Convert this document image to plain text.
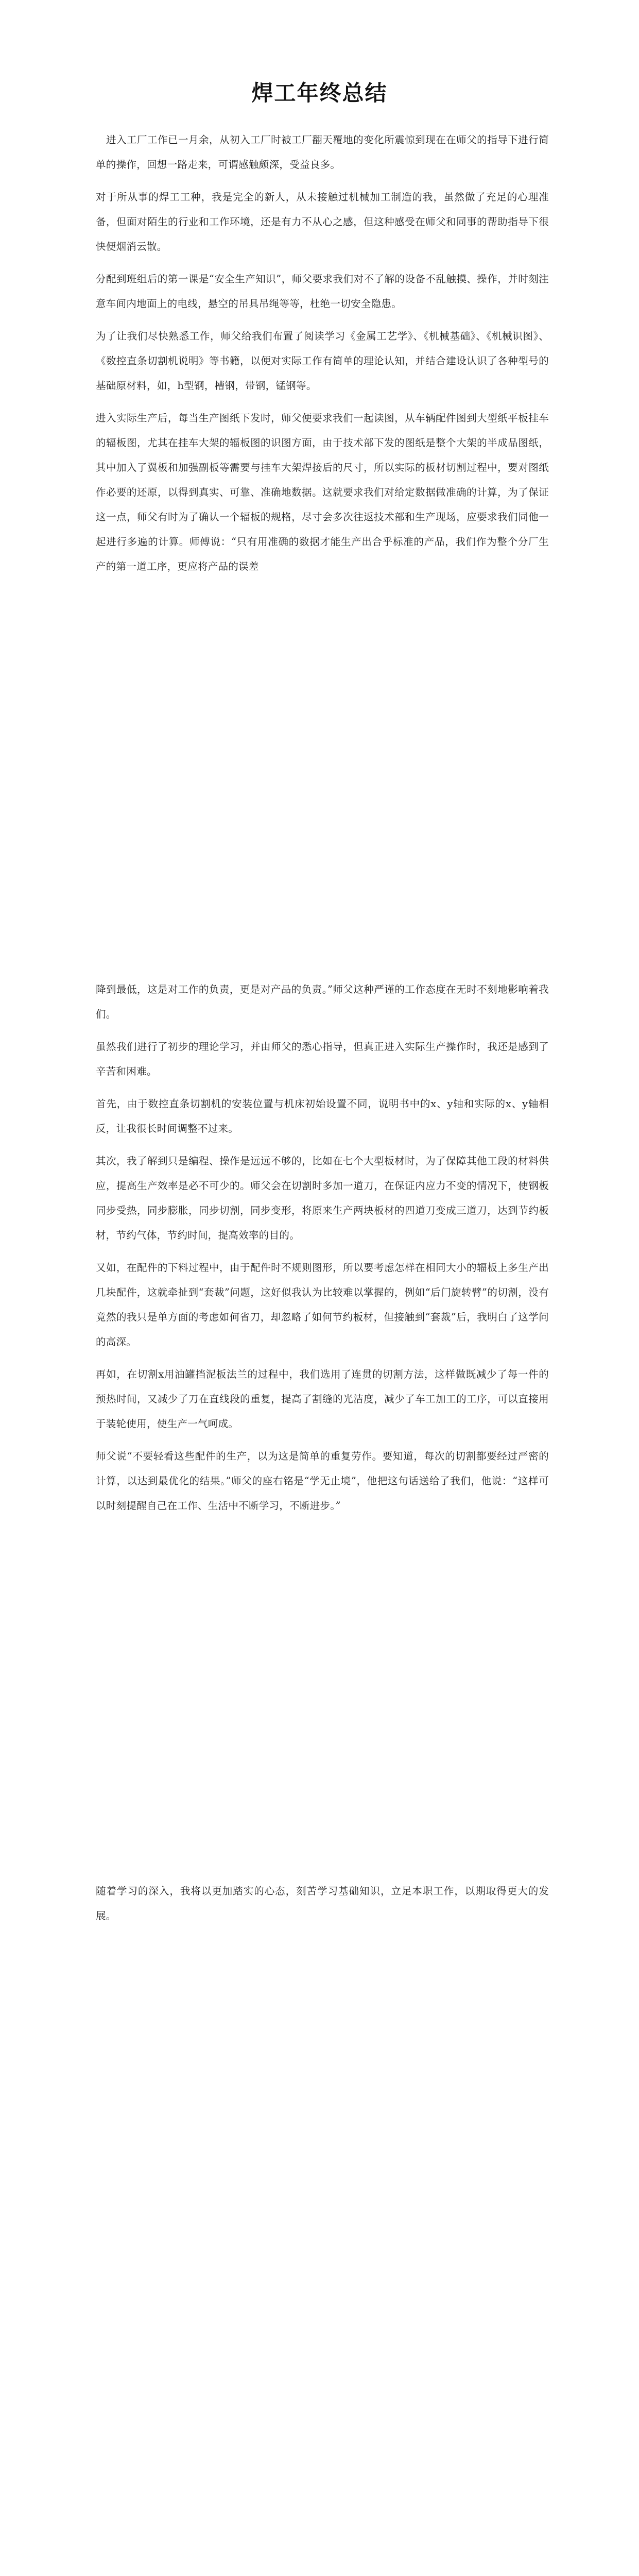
焊工年终总结

进入工厂工作已一月余，从初入工厂时被工厂翻天覆地的变化所震惊到现在在师父的指导下进行简单的操作，回想一路走来，可谓感触颇深，受益良多。

对于所从事的焊工工种，我是完全的新人，从未接触过机械加工制造的我，虽然做了充足的心理准备，但面对陌生的行业和工作环境，还是有力不从心之感，但这种感受在师父和同事的帮助指导下很快便烟消云散。

分配到班组后的第一课是“安全生产知识”，师父要求我们对不了解的设备不乱触摸、操作，并时刻注意车间内地面上的电线，悬空的吊具吊绳等等，杜绝一切安全隐患。

为了让我们尽快熟悉工作，师父给我们布置了阅读学习《金属工艺学》、《机械基础》、《机械识图》、《数控直条切割机说明》等书籍，以便对实际工作有简单的理论认知，并结合建设认识了各种型号的基础原材料，如，h型钢，槽钢，带钢，锰钢等。

进入实际生产后，每当生产图纸下发时，师父便要求我们一起读图，从车辆配件图到大型纸平板挂车的辐板图，尤其在挂车大架的辐板图的识图方面，由于技术部下发的图纸是整个大架的半成品图纸，其中加入了翼板和加强副板等需要与挂车大架焊接后的尺寸，所以实际的板材切割过程中，要对图纸作必要的还原，以得到真实、可靠、准确地数据。这就要求我们对给定数据做准确的计算，为了保证这一点，师父有时为了确认一个辐板的规格，尽寸会多次往返技术部和生产现场，应要求我们同他一起进行多遍的计算。师傅说：“只有用准确的数据才能生产出合乎标准的产品，我们作为整个分厂生产的第一道工序，更应将产品的误差

降到最低，这是对工作的负责，更是对产品的负责。”师父这种严谨的工作态度在无时不刻地影响着我们。

虽然我们进行了初步的理论学习，并由师父的悉心指导，但真正进入实际生产操作时，我还是感到了辛苦和困难。

首先，由于数控直条切割机的安装位置与机床初始设置不同，说明书中的x、y轴和实际的x、y轴相反，让我很长时间调整不过来。

其次，我了解到只是编程、操作是远远不够的，比如在七个大型板材时，为了保障其他工段的材料供应，提高生产效率是必不可少的。师父会在切割时多加一道刀，在保证内应力不变的情况下，使钢板同步受热，同步膨胀，同步切割，同步变形，将原来生产两块板材的四道刀变成三道刀，达到节约板材，节约气体，节约时间，提高效率的目的。

又如，在配件的下料过程中，由于配件时不规则图形，所以要考虑怎样在相同大小的辐板上多生产出几块配件，这就牵扯到“套裁”问题，这好似我认为比较难以掌握的，例如“后门旋转臂”的切割，没有竟然的我只是单方面的考虑如何省刀，却忽略了如何节约板材，但接触到“套裁”后，我明白了这学问的高深。

再如，在切割x用油罐挡泥板法兰的过程中，我们选用了连贯的切割方法，这样做既减少了每一件的预热时间，又减少了刀在直线段的重复，提高了割缝的光洁度，减少了车工加工的工序，可以直接用于装轮使用，使生产一气呵成。

师父说“不要轻看这些配件的生产，以为这是简单的重复劳作。要知道，每次的切割都要经过严密的计算，以达到最优化的结果。”师父的座右铭是“学无止境”，他把这句话送给了我们，他说：“这样可以时刻提醒自己在工作、生活中不断学习，不断进步。”

随着学习的深入，我将以更加踏实的心态，刻苦学习基础知识，立足本职工作，以期取得更大的发展。
